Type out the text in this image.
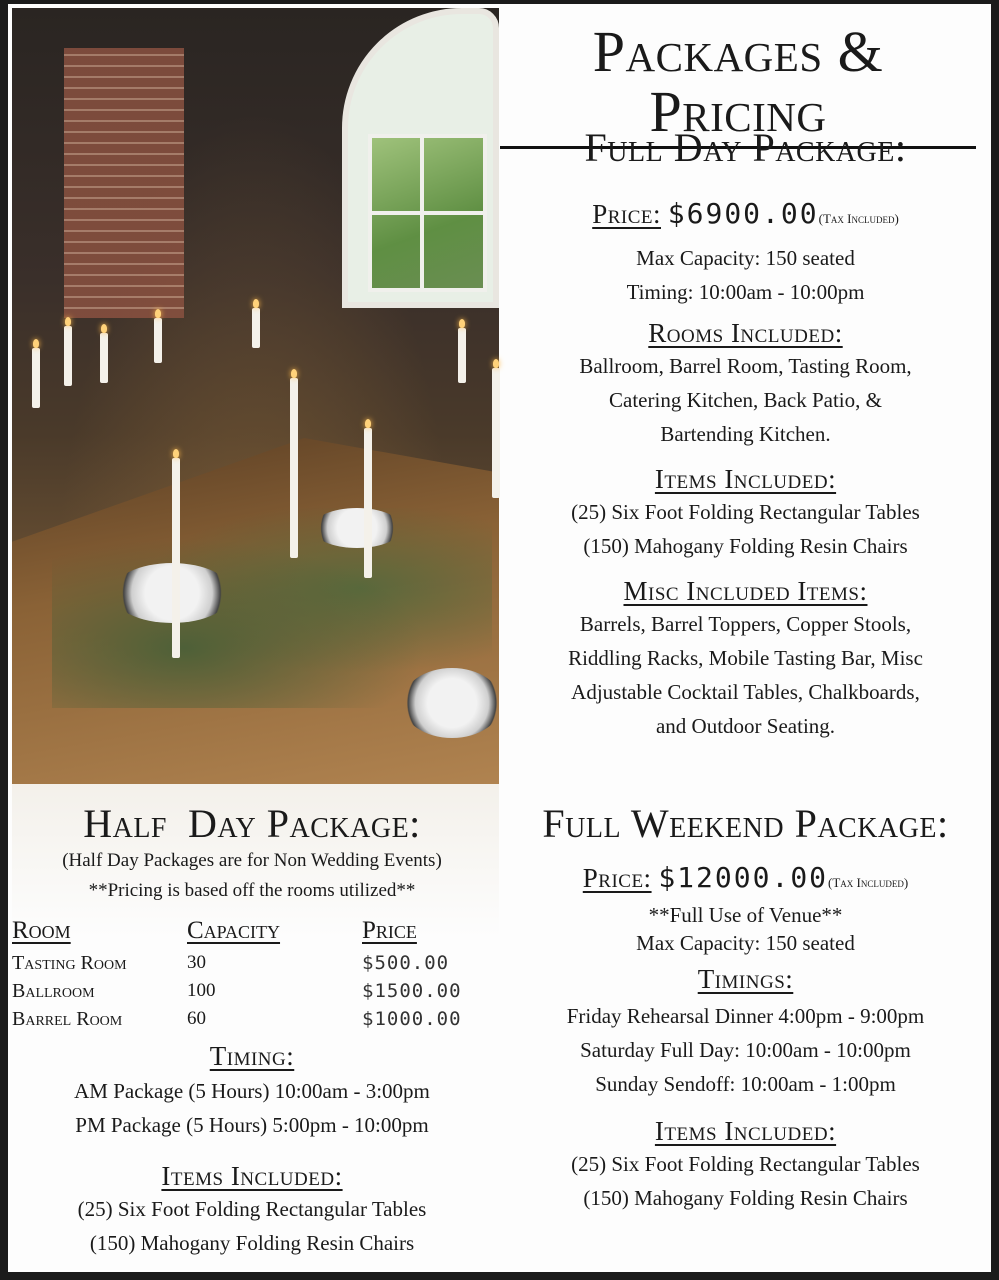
Packages & Pricing
Full Day Package:
Price: $6900.00(Tax Included)

Max Capacity: 150 seated

Timing: 10:00am - 10:00pm

Rooms Included:

Ballroom, Barrel Room, Tasting Room,

Catering Kitchen, Back Patio, &

Bartending Kitchen.

Items Included:

(25) Six Foot Folding Rectangular Tables

(150) Mahogany Folding Resin Chairs

Misc Included Items:

Barrels, Barrel Toppers, Copper Stools,

Riddling Racks, Mobile Tasting Bar, Misc

Adjustable Cocktail Tables, Chalkboards,

and Outdoor Seating.

Half  Day Package:

(Half Day Packages are for Non Wedding Events)

**Pricing is based off the rooms utilized**

Room	Capacity	Price
Tasting Room	30	$500.00
Ballroom	100	$1500.00
Barrel Room	60	$1000.00
Timing:

AM Package (5 Hours) 10:00am - 3:00pm

PM Package (5 Hours) 5:00pm - 10:00pm

Items Included:

(25) Six Foot Folding Rectangular Tables

(150) Mahogany Folding Resin Chairs

Full Weekend Package:
Price: $12000.00(Tax Included)

**Full Use of Venue**

Max Capacity: 150 seated

Timings:

Friday Rehearsal Dinner 4:00pm - 9:00pm

Saturday Full Day: 10:00am - 10:00pm

Sunday Sendoff: 10:00am - 1:00pm

Items Included:

(25) Six Foot Folding Rectangular Tables

(150) Mahogany Folding Resin Chairs
